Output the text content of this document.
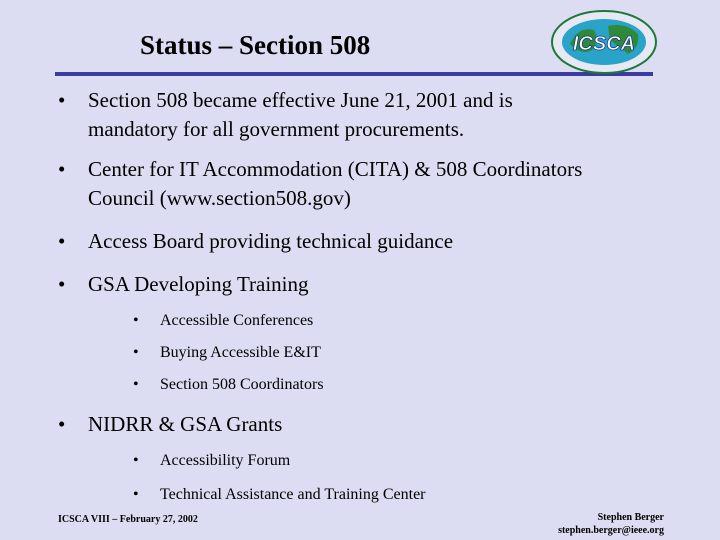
Status – Section 508	ICSCA
• Section 508 became effective June 21, 2001 and is
mandatory for all government procurements.
• Center for IT Accommodation (CITA) & 508 Coordinators
Council (www.section508.gov)
• Access Board providing technical guidance
• GSA Developing Training
• Accessible Conferences
• Buying Accessible E&IT
• Section 508 Coordinators
• NIDRR & GSA Grants
• Accessibility Forum
• Technical Assistance and Training Center
ICSCA VIII – February 27, 2002	Stephen Berger
stephen.berger@ieee.org
